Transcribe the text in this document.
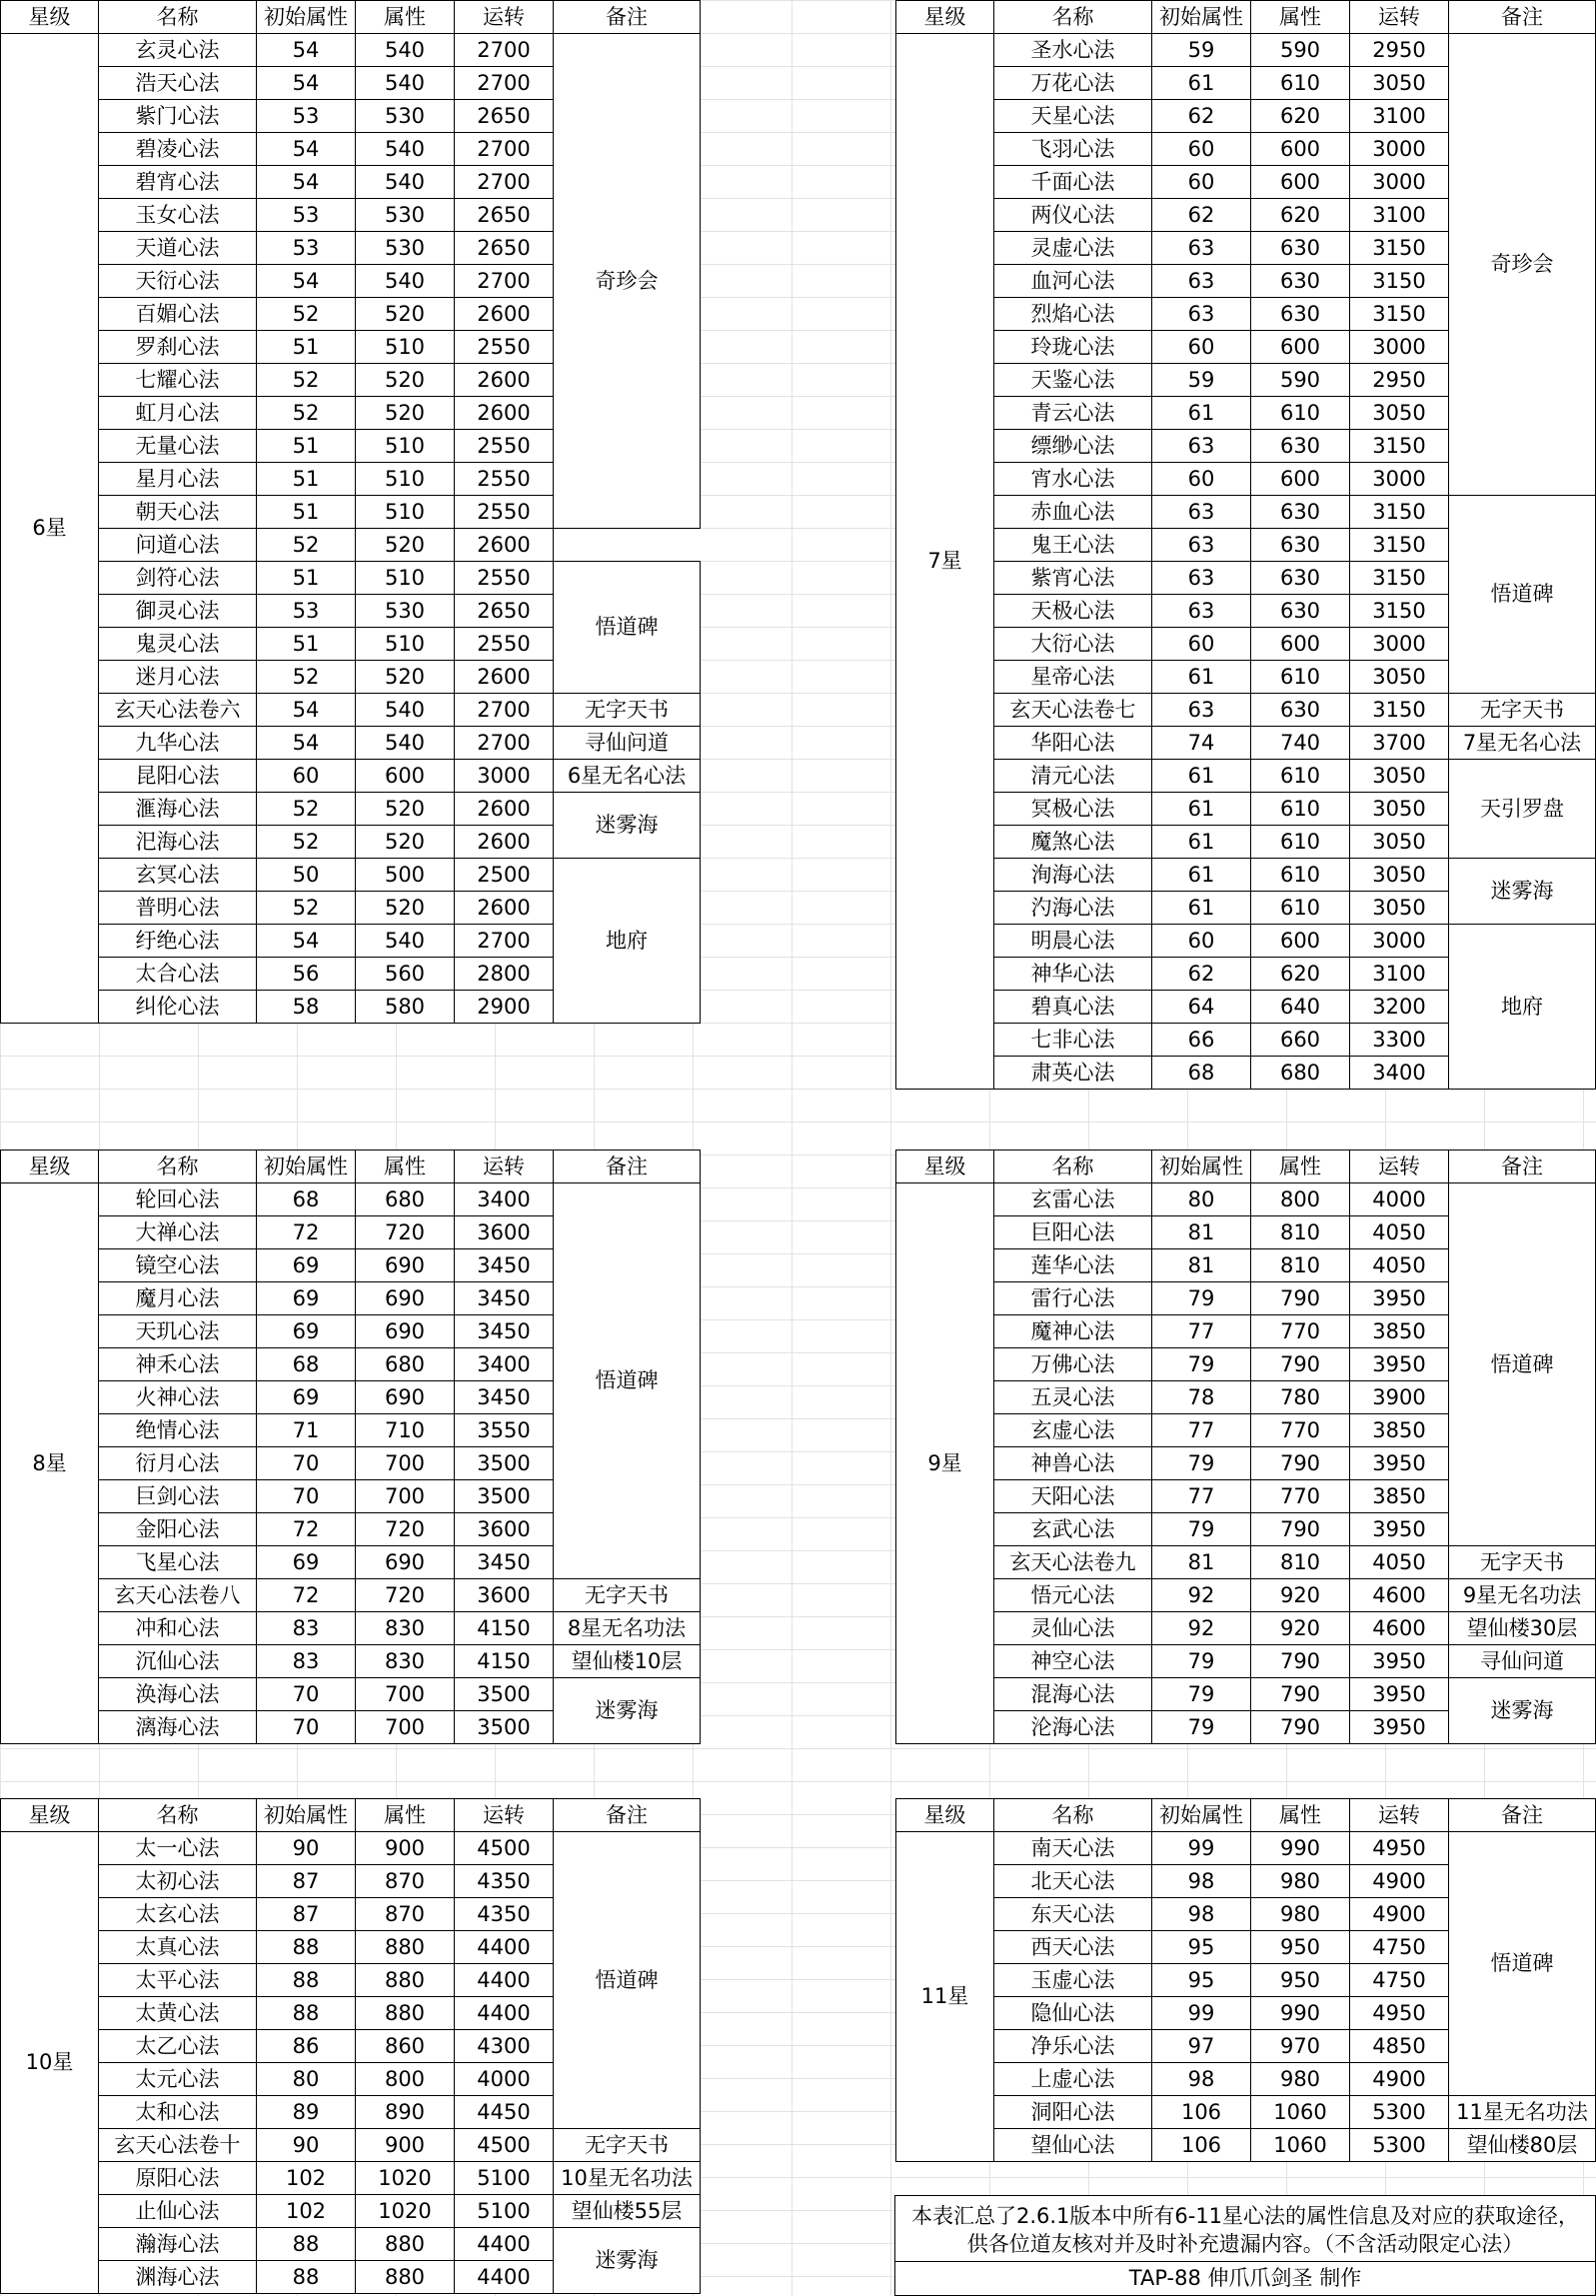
星级	名称	初始属性	属性	运转	备注
6星	玄灵心法	54	540	2700	奇珍会
	浩天心法	54	540	2700	
	紫门心法	53	530	2650	
	碧凌心法	54	540	2700	
	碧宵心法	54	540	2700	
	玉女心法	53	530	2650	
	天道心法	53	530	2650	
	天衍心法	54	540	2700	
	百媚心法	52	520	2600	
	罗刹心法	51	510	2550	
	七耀心法	52	520	2600	
	虹月心法	52	520	2600	
	无量心法	51	510	2550	
	星月心法	51	510	2550	
	朝天心法	51	510	2550	
	问道心法	52	520	2600	
	剑符心法	51	510	2550	悟道碑
	御灵心法	53	530	2650	
	鬼灵心法	51	510	2550	
	迷月心法	52	520	2600	
	玄天心法卷六	54	540	2700	无字天书
	九华心法	54	540	2700	寻仙问道
	昆阳心法	60	600	3000	6星无名心法
	滙海心法	52	520	2600	迷雾海
	汜海心法	52	520	2600	
	玄冥心法	50	500	2500	地府
	普明心法	52	520	2600	
	纡绝心法	54	540	2700	
	太合心法	56	560	2800	
	纠伦心法	58	580	2900	
星级	名称	初始属性	属性	运转	备注
7星	圣水心法	59	590	2950	奇珍会
	万花心法	61	610	3050	
	天星心法	62	620	3100	
	飞羽心法	60	600	3000	
	千面心法	60	600	3000	
	两仪心法	62	620	3100	
	灵虚心法	63	630	3150	
	血河心法	63	630	3150	
	烈焰心法	63	630	3150	
	玲珑心法	60	600	3000	
	天鉴心法	59	590	2950	
	青云心法	61	610	3050	
	缥缈心法	63	630	3150	
	宵水心法	60	600	3000	
	赤血心法	63	630	3150	悟道碑
	鬼王心法	63	630	3150	
	紫宵心法	63	630	3150	
	天极心法	63	630	3150	
	大衍心法	60	600	3000	
	星帝心法	61	610	3050	
	玄天心法卷七	63	630	3150	无字天书
	华阳心法	74	740	3700	7星无名心法
	清元心法	61	610	3050	天引罗盘
	冥极心法	61	610	3050	
	魔煞心法	61	610	3050	
	洵海心法	61	610	3050	迷雾海
	汋海心法	61	610	3050	
	明晨心法	60	600	3000	地府
	神华心法	62	620	3100	
	碧真心法	64	640	3200	
	七非心法	66	660	3300	
	肃英心法	68	680	3400	
星级	名称	初始属性	属性	运转	备注
8星	轮回心法	68	680	3400	悟道碑
	大禅心法	72	720	3600	
	镜空心法	69	690	3450	
	魔月心法	69	690	3450	
	天玑心法	69	690	3450	
	神禾心法	68	680	3400	
	火神心法	69	690	3450	
	绝情心法	71	710	3550	
	衍月心法	70	700	3500	
	巨剑心法	70	700	3500	
	金阳心法	72	720	3600	
	飞星心法	69	690	3450	
	玄天心法卷八	72	720	3600	无字天书
	冲和心法	83	830	4150	8星无名功法
	沉仙心法	83	830	4150	望仙楼10层
	涣海心法	70	700	3500	迷雾海
	漓海心法	70	700	3500	
星级	名称	初始属性	属性	运转	备注
9星	玄雷心法	80	800	4000	悟道碑
	巨阳心法	81	810	4050	
	莲华心法	81	810	4050	
	雷行心法	79	790	3950	
	魔神心法	77	770	3850	
	万佛心法	79	790	3950	
	五灵心法	78	780	3900	
	玄虚心法	77	770	3850	
	神兽心法	79	790	3950	
	天阳心法	77	770	3850	
	玄武心法	79	790	3950	
	玄天心法卷九	81	810	4050	无字天书
	悟元心法	92	920	4600	9星无名功法
	灵仙心法	92	920	4600	望仙楼30层
	神空心法	79	790	3950	寻仙问道
	混海心法	79	790	3950	迷雾海
	沦海心法	79	790	3950	
星级	名称	初始属性	属性	运转	备注
10星	太一心法	90	900	4500	悟道碑
	太初心法	87	870	4350	
	太玄心法	87	870	4350	
	太真心法	88	880	4400	
	太平心法	88	880	4400	
	太黄心法	88	880	4400	
	太乙心法	86	860	4300	
	太元心法	80	800	4000	
	太和心法	89	890	4450	
	玄天心法卷十	90	900	4500	无字天书
	原阳心法	102	1020	5100	10星无名功法
	止仙心法	102	1020	5100	望仙楼55层
	瀚海心法	88	880	4400	迷雾海
	渊海心法	88	880	4400	
星级	名称	初始属性	属性	运转	备注
11星	南天心法	99	990	4950	悟道碑
	北天心法	98	980	4900	
	东天心法	98	980	4900	
	西天心法	95	950	4750	
	玉虚心法	95	950	4750	
	隐仙心法	99	990	4950	
	净乐心法	97	970	4850	
	上虚心法	98	980	4900	
	洞阳心法	106	1060	5300	11星无名功法
	望仙心法	106	1060	5300	望仙楼80层
本表汇总了2.6.1版本中所有6-11星心法的属性信息及对应的获取途径，供各位道友核对并及时补充遗漏内容。（不含活动限定心法）
TAP-88 伸爪爪剑圣 制作
